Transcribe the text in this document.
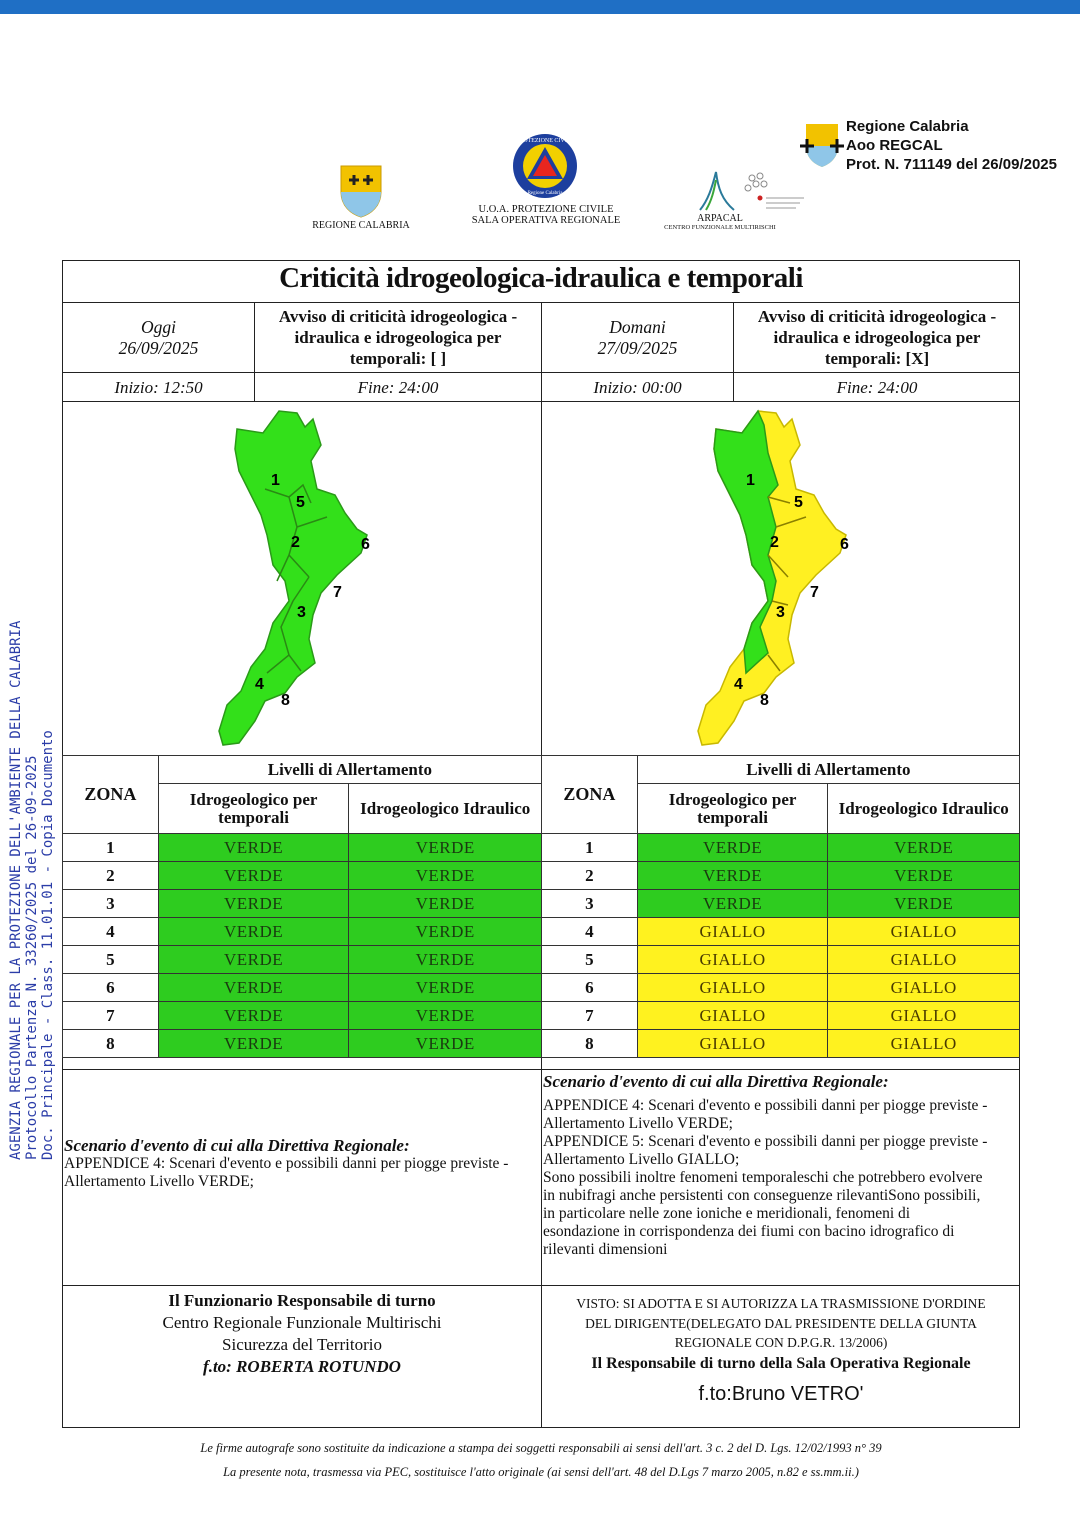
AGENZIA REGIONALE PER LA PROTEZIONE DELL'AMBIENTE DELLA CALABRIA Protocollo Partenza N. 33260/2025 del 26-09-2025 Doc. Principale - Class. 11.01.01 - Copia Documento
REGIONE CALABRIA
PROTEZIONE CIVILE
Regione Calabria
U.O.A. PROTEZIONE CIVILE
SALA OPERATIVA REGIONALE	ARPACAL
CENTRO FUNZIONALE MULTIRISCHI
Regione Calabria
Aoo REGCAL
Prot. N. 711149 del 26/09/2025
Criticità idrogeologica-idraulica e temporali
Oggi
26/09/2025
Avviso di criticità idrogeologica -
idraulica e idrogeologica per
temporali: [ ]
Inizio: 12:50	Fine: 24:00
Domani
27/09/2025
Avviso di criticità idrogeologica -
idraulica e idrogeologica per
temporali: [X]
Inizio: 00:00	Fine: 24:00
1
5
2	6
7
3
4
8
1
5
2	6
7
3
4
8
ZONA	Livelli di Allertamento	

	Idrogeologico per
temporali	Idrogeologico Idraulico
1	VERDE	VERDE
2	VERDE	VERDE
3	VERDE	VERDE
4	VERDE	VERDE
5	VERDE	VERDE
6	VERDE	VERDE
7	VERDE	VERDE
8	VERDE	VERDE
ZONA	Livelli di Allertamento	

	Idrogeologico per
temporali	Idrogeologico Idraulico
1	VERDE	VERDE
2	VERDE	VERDE
3	VERDE	VERDE
4	GIALLO	GIALLO
5	GIALLO	GIALLO
6	GIALLO	GIALLO
7	GIALLO	GIALLO
8	GIALLO	GIALLO
Scenario d'evento di cui alla Direttiva Regionale:
APPENDICE 4: Scenari d'evento e possibili danni per piogge previste -
Allertamento Livello VERDE;
Scenario d'evento di cui alla Direttiva Regionale:
APPENDICE 4: Scenari d'evento e possibili danni per piogge previste -
Allertamento Livello VERDE;
APPENDICE 5: Scenari d'evento e possibili danni per piogge previste -
Allertamento Livello GIALLO;
Sono possibili inoltre fenomeni temporaleschi che potrebbero evolvere
in nubifragi anche persistenti con conseguenze rilevantiSono possibili,
in particolare nelle zone ioniche e meridionali, fenomeni di
esondazione in corrispondenza dei fiumi con bacino idrografico di
rilevanti dimensioni
Il Funzionario Responsabile di turno
Centro Regionale Funzionale Multirischi
Sicurezza del Territorio
f.to: ROBERTA ROTUNDO
VISTO: SI ADOTTA E SI AUTORIZZA LA TRASMISSIONE D'ORDINE
DEL DIRIGENTE(DELEGATO DAL PRESIDENTE DELLA GIUNTA
REGIONALE CON D.P.G.R. 13/2006)
Il Responsabile di turno della Sala Operativa Regionale
f.to:Bruno VETRO'
Le firme autografe sono sostituite da indicazione a stampa dei soggetti responsabili ai sensi dell'art. 3 c. 2 del D. Lgs. 12/02/1993 n° 39
La presente nota, trasmessa via PEC, sostituisce l'atto originale (ai sensi dell'art. 48 del D.Lgs 7 marzo 2005, n.82 e ss.mm.ii.)
